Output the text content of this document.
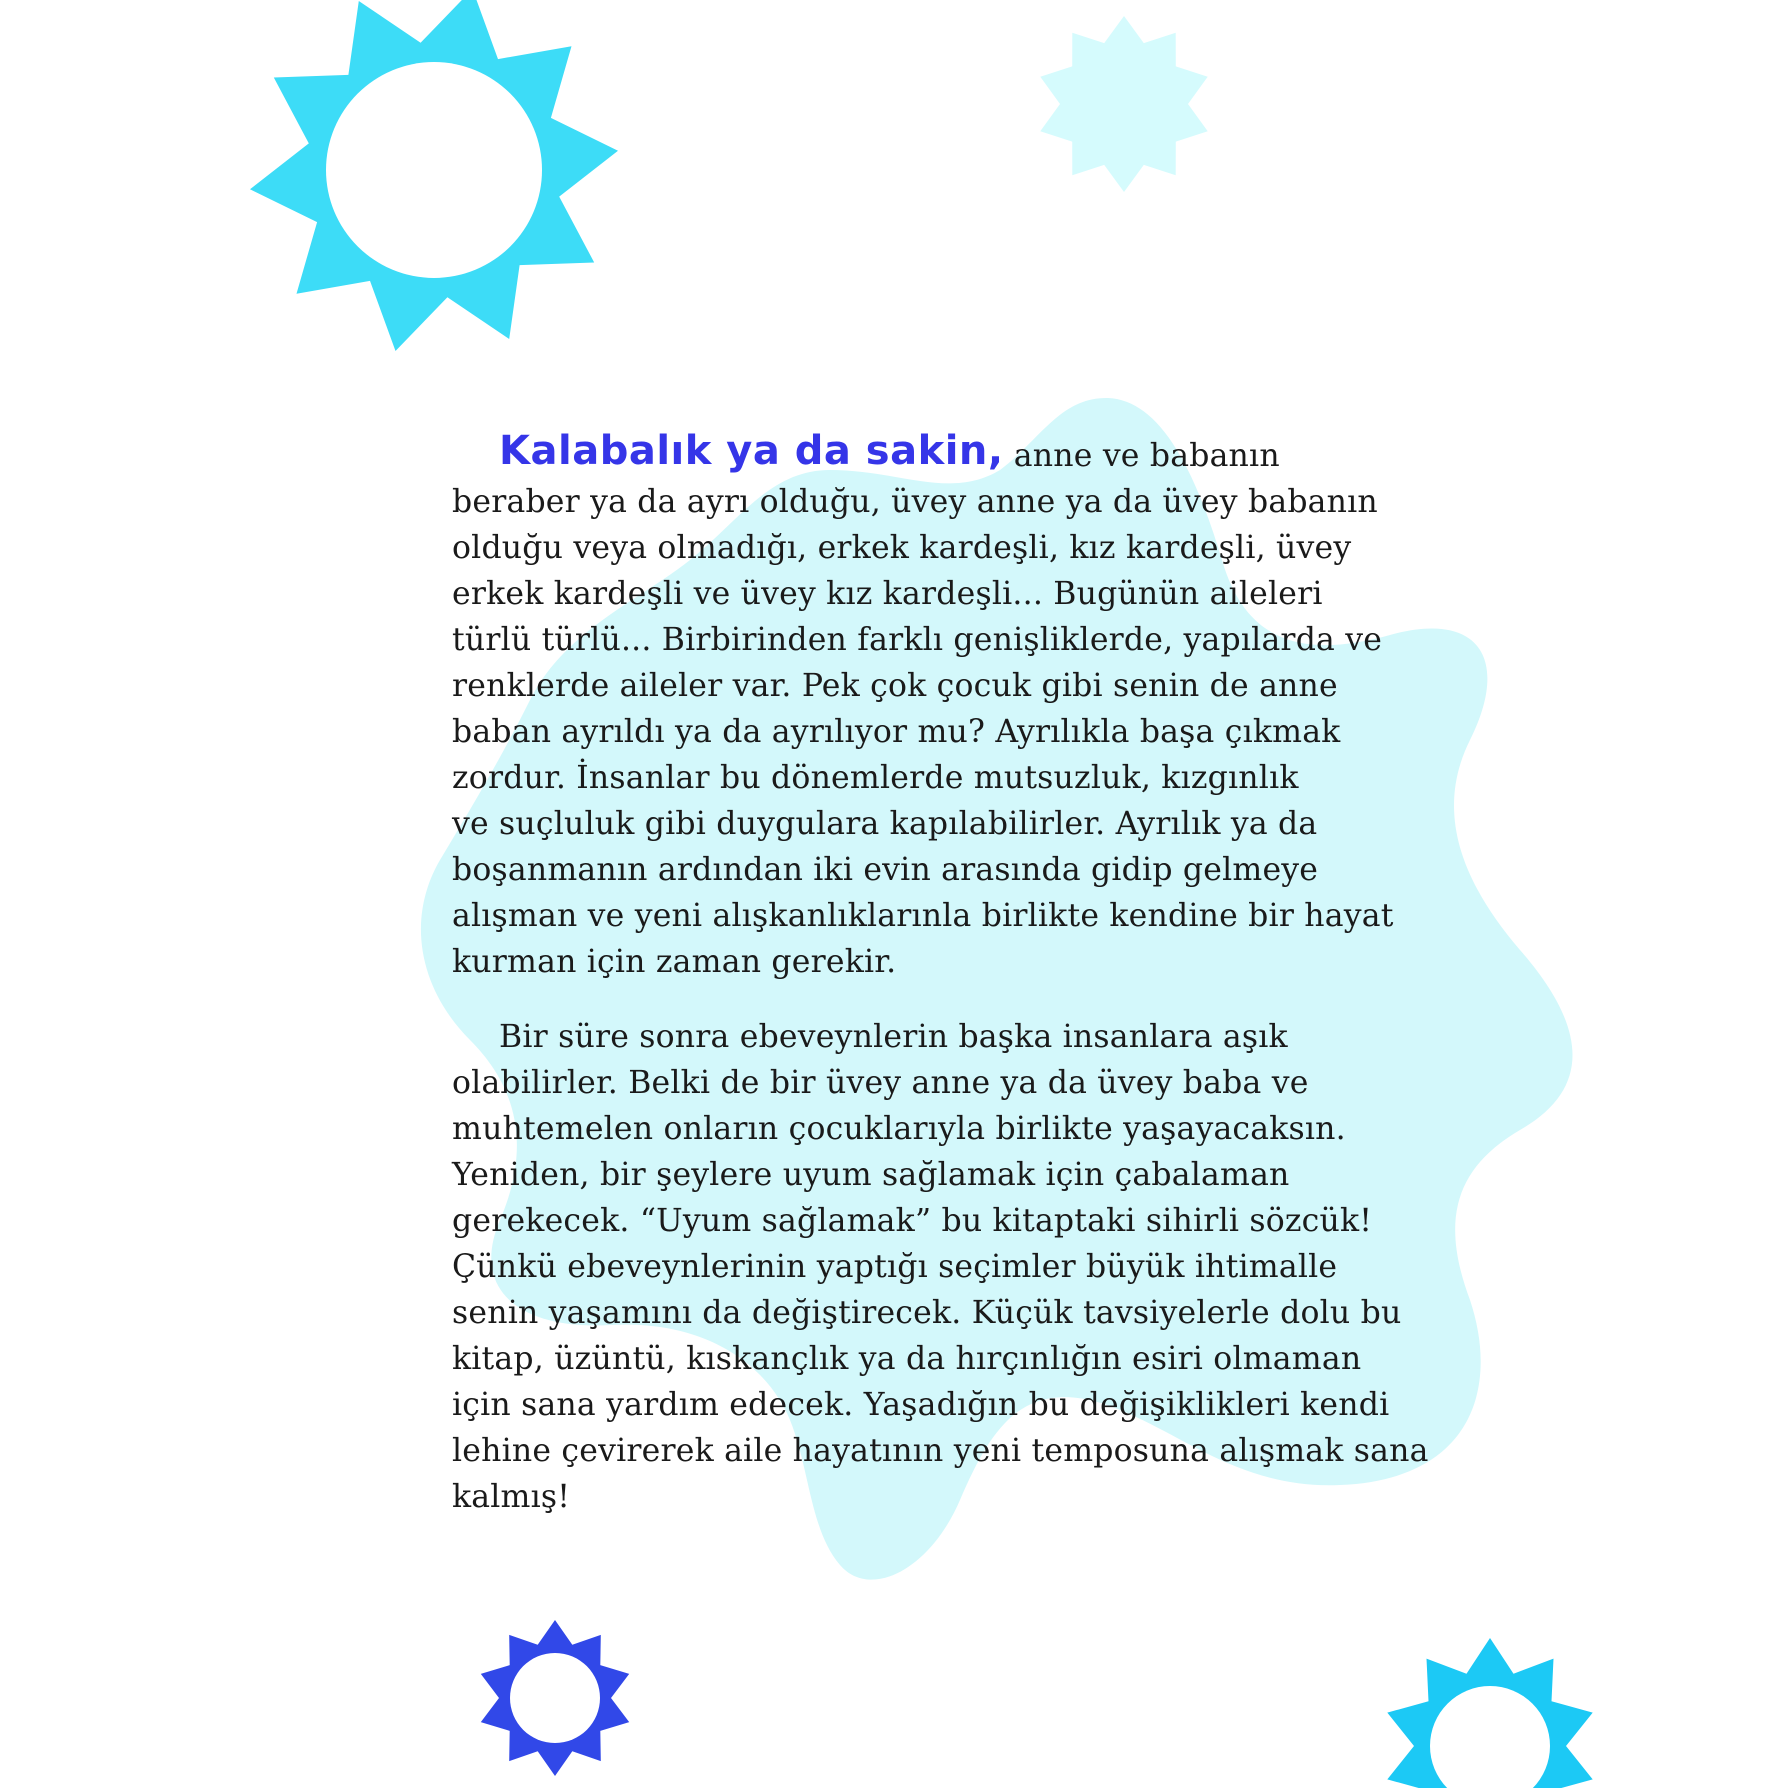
Kalabalık ya da sakin, anne ve babanın
beraber ya da ayrı olduğu, üvey anne ya da üvey babanın
olduğu veya olmadığı, erkek kardeşli, kız kardeşli, üvey
erkek kardeşli ve üvey kız kardeşli... Bugünün aileleri
türlü türlü... Birbirinden farklı genişliklerde, yapılarda ve
renklerde aileler var. Pek çok çocuk gibi senin de anne
baban ayrıldı ya da ayrılıyor mu? Ayrılıkla başa çıkmak
zordur. İnsanlar bu dönemlerde mutsuzluk, kızgınlık
ve suçluluk gibi duygulara kapılabilirler. Ayrılık ya da
boşanmanın ardından iki evin arasında gidip gelmeye
alışman ve yeni alışkanlıklarınla birlikte kendine bir hayat
kurman için zaman gerekir.

Bir süre sonra ebeveynlerin başka insanlara aşık
olabilirler. Belki de bir üvey anne ya da üvey baba ve
muhtemelen onların çocuklarıyla birlikte yaşayacaksın.
Yeniden, bir şeylere uyum sağlamak için çabalaman
gerekecek. “Uyum sağlamak” bu kitaptaki sihirli sözcük!
Çünkü ebeveynlerinin yaptığı seçimler büyük ihtimalle
senin yaşamını da değiştirecek. Küçük tavsiyelerle dolu bu
kitap, üzüntü, kıskançlık ya da hırçınlığın esiri olmaman
için sana yardım edecek. Yaşadığın bu değişiklikleri kendi
lehine çevirerek aile hayatının yeni temposuna alışmak sana
kalmış!
